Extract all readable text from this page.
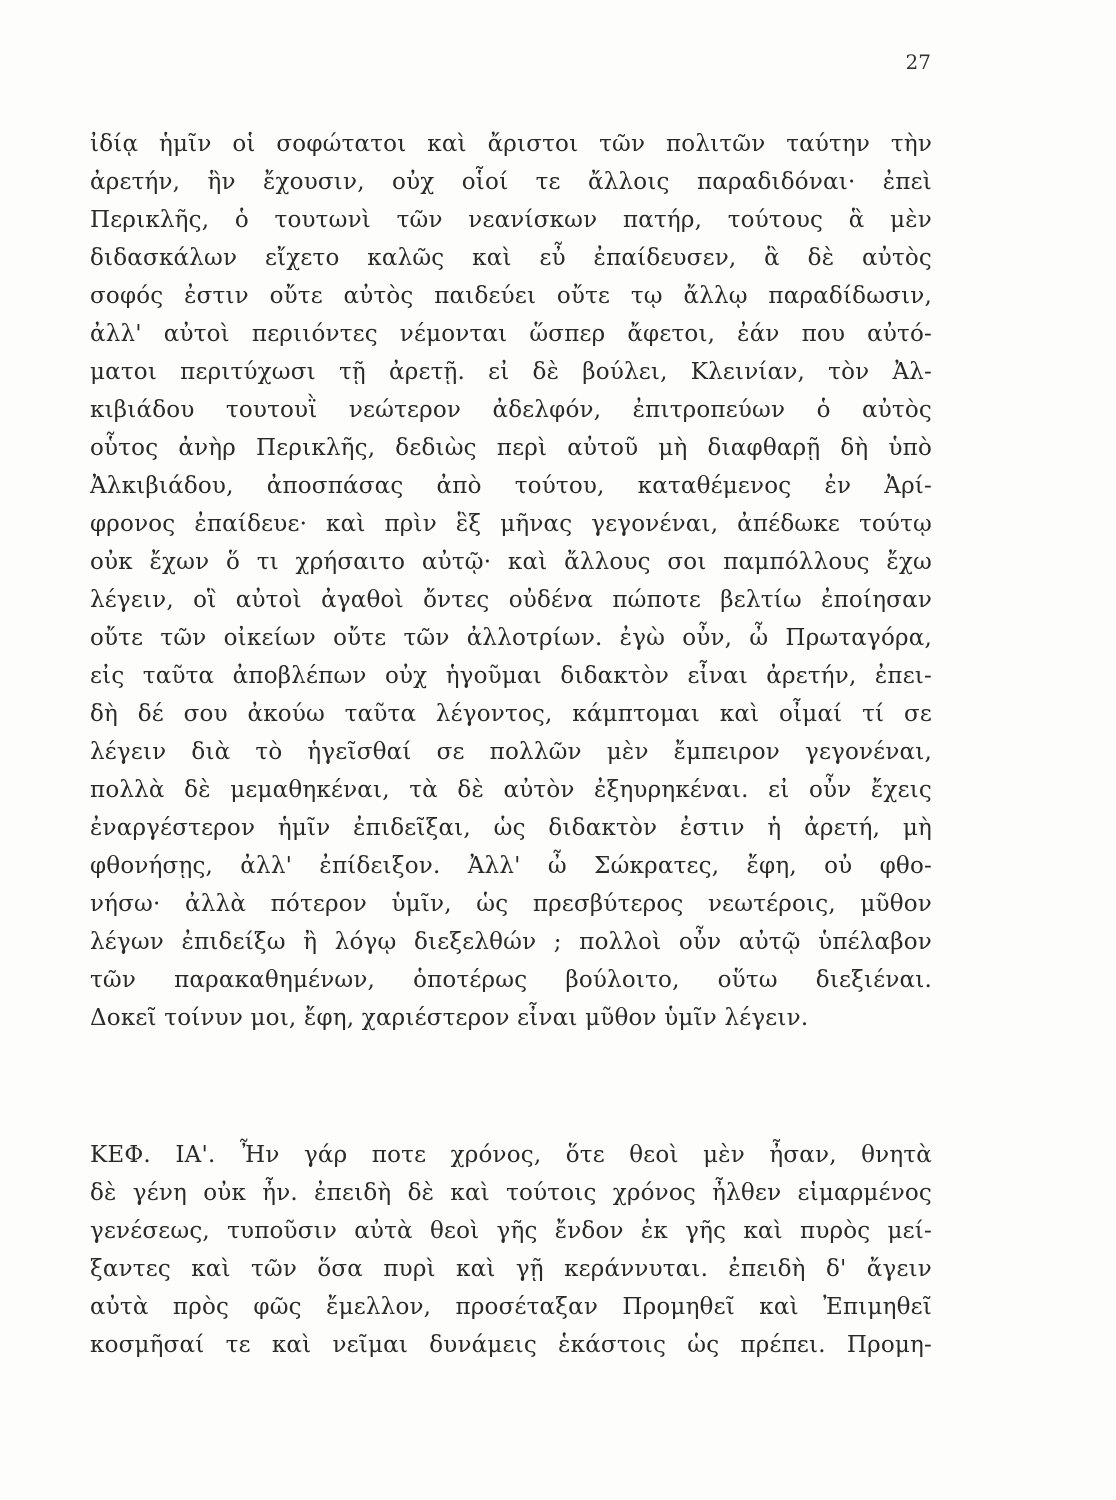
27
ἰδίᾳ ἡμῖν οἱ σοφώτατοι καὶ ἄριστοι τῶν πολιτῶν ταύτην τὴν
ἀρετήν, ἣν ἔχουσιν, οὐχ οἷοί τε ἄλλοις παραδιδόναι· ἐπεὶ
Περικλῆς, ὁ τουτωνὶ τῶν νεανίσκων πατήρ, τούτους ἃ μὲν
διδασκάλων εἴχετο καλῶς καὶ εὖ ἐπαίδευσεν, ἃ δὲ αὐτὸς
σοφός ἐστιν οὔτε αὐτὸς παιδεύει οὔτε τῳ ἄλλῳ παραδίδωσιν,
ἀλλ' αὐτοὶ περιιόντες νέμονται ὥσπερ ἄφετοι, ἐάν που αὐτό-
ματοι περιτύχωσι τῇ ἀρετῇ. εἰ δὲ βούλει, Κλεινίαν, τὸν Ἀλ-
κιβιάδου τουτουῒ νεώτερον ἀδελφόν, ἐπιτροπεύων ὁ αὐτὸς
οὗτος ἀνὴρ Περικλῆς, δεδιὼς περὶ αὐτοῦ μὴ διαφθαρῇ δὴ ὑπὸ
Ἀλκιβιάδου, ἀποσπάσας ἀπὸ τούτου, καταθέμενος ἐν Ἀρί-
φρονος ἐπαίδευε· καὶ πρὶν ἓξ μῆνας γεγονέναι, ἀπέδωκε τούτῳ
οὐκ ἔχων ὅ τι χρήσαιτο αὐτῷ· καὶ ἄλλους σοι παμπόλλους ἔχω
λέγειν, οἳ αὐτοὶ ἀγαθοὶ ὄντες οὐδένα πώποτε βελτίω ἐποίησαν
οὔτε τῶν οἰκείων οὔτε τῶν ἀλλοτρίων. ἐγὼ οὖν, ὦ Πρωταγόρα,
εἰς ταῦτα ἀποβλέπων οὐχ ἡγοῦμαι διδακτὸν εἶναι ἀρετήν, ἐπει-
δὴ δέ σου ἀκούω ταῦτα λέγοντος, κάμπτομαι καὶ οἶμαί τί σε
λέγειν διὰ τὸ ἡγεῖσθαί σε πολλῶν μὲν ἔμπειρον γεγονέναι,
πολλὰ δὲ μεμαθηκέναι, τὰ δὲ αὐτὸν ἐξηυρηκέναι. εἰ οὖν ἔχεις
ἐναργέστερον ἡμῖν ἐπιδεῖξαι, ὡς διδακτὸν ἐστιν ἡ ἀρετή, μὴ
φθονήσῃς, ἀλλ' ἐπίδειξον. Ἀλλ' ὦ Σώκρατες, ἔφη, οὐ φθο-
νήσω· ἀλλὰ πότερον ὑμῖν, ὡς πρεσβύτερος νεωτέροις, μῦθον
λέγων ἐπιδείξω ἢ λόγῳ διεξελθών ; πολλοὶ οὖν αὐτῷ ὑπέλαβον
τῶν παρακαθημένων, ὁποτέρως βούλοιτο, οὕτω διεξιέναι.
Δοκεῖ τοίνυν μοι, ἔφη, χαριέστερον εἶναι μῦθον ὑμῖν λέγειν.
ΚΕΦ. ΙΑ'. Ἦν γάρ ποτε χρόνος, ὅτε θεοὶ μὲν ἦσαν, θνητὰ
δὲ γένη οὐκ ἦν. ἐπειδὴ δὲ καὶ τούτοις χρόνος ἦλθεν εἱμαρμένος
γενέσεως, τυποῦσιν αὐτὰ θεοὶ γῆς ἔνδον ἐκ γῆς καὶ πυρὸς μεί-
ξαντες καὶ τῶν ὅσα πυρὶ καὶ γῇ κεράννυται. ἐπειδὴ δ' ἄγειν
αὐτὰ πρὸς φῶς ἔμελλον, προσέταξαν Προμηθεῖ καὶ Ἐπιμηθεῖ
κοσμῆσαί τε καὶ νεῖμαι δυνάμεις ἑκάστοις ὡς πρέπει. Προμη-
